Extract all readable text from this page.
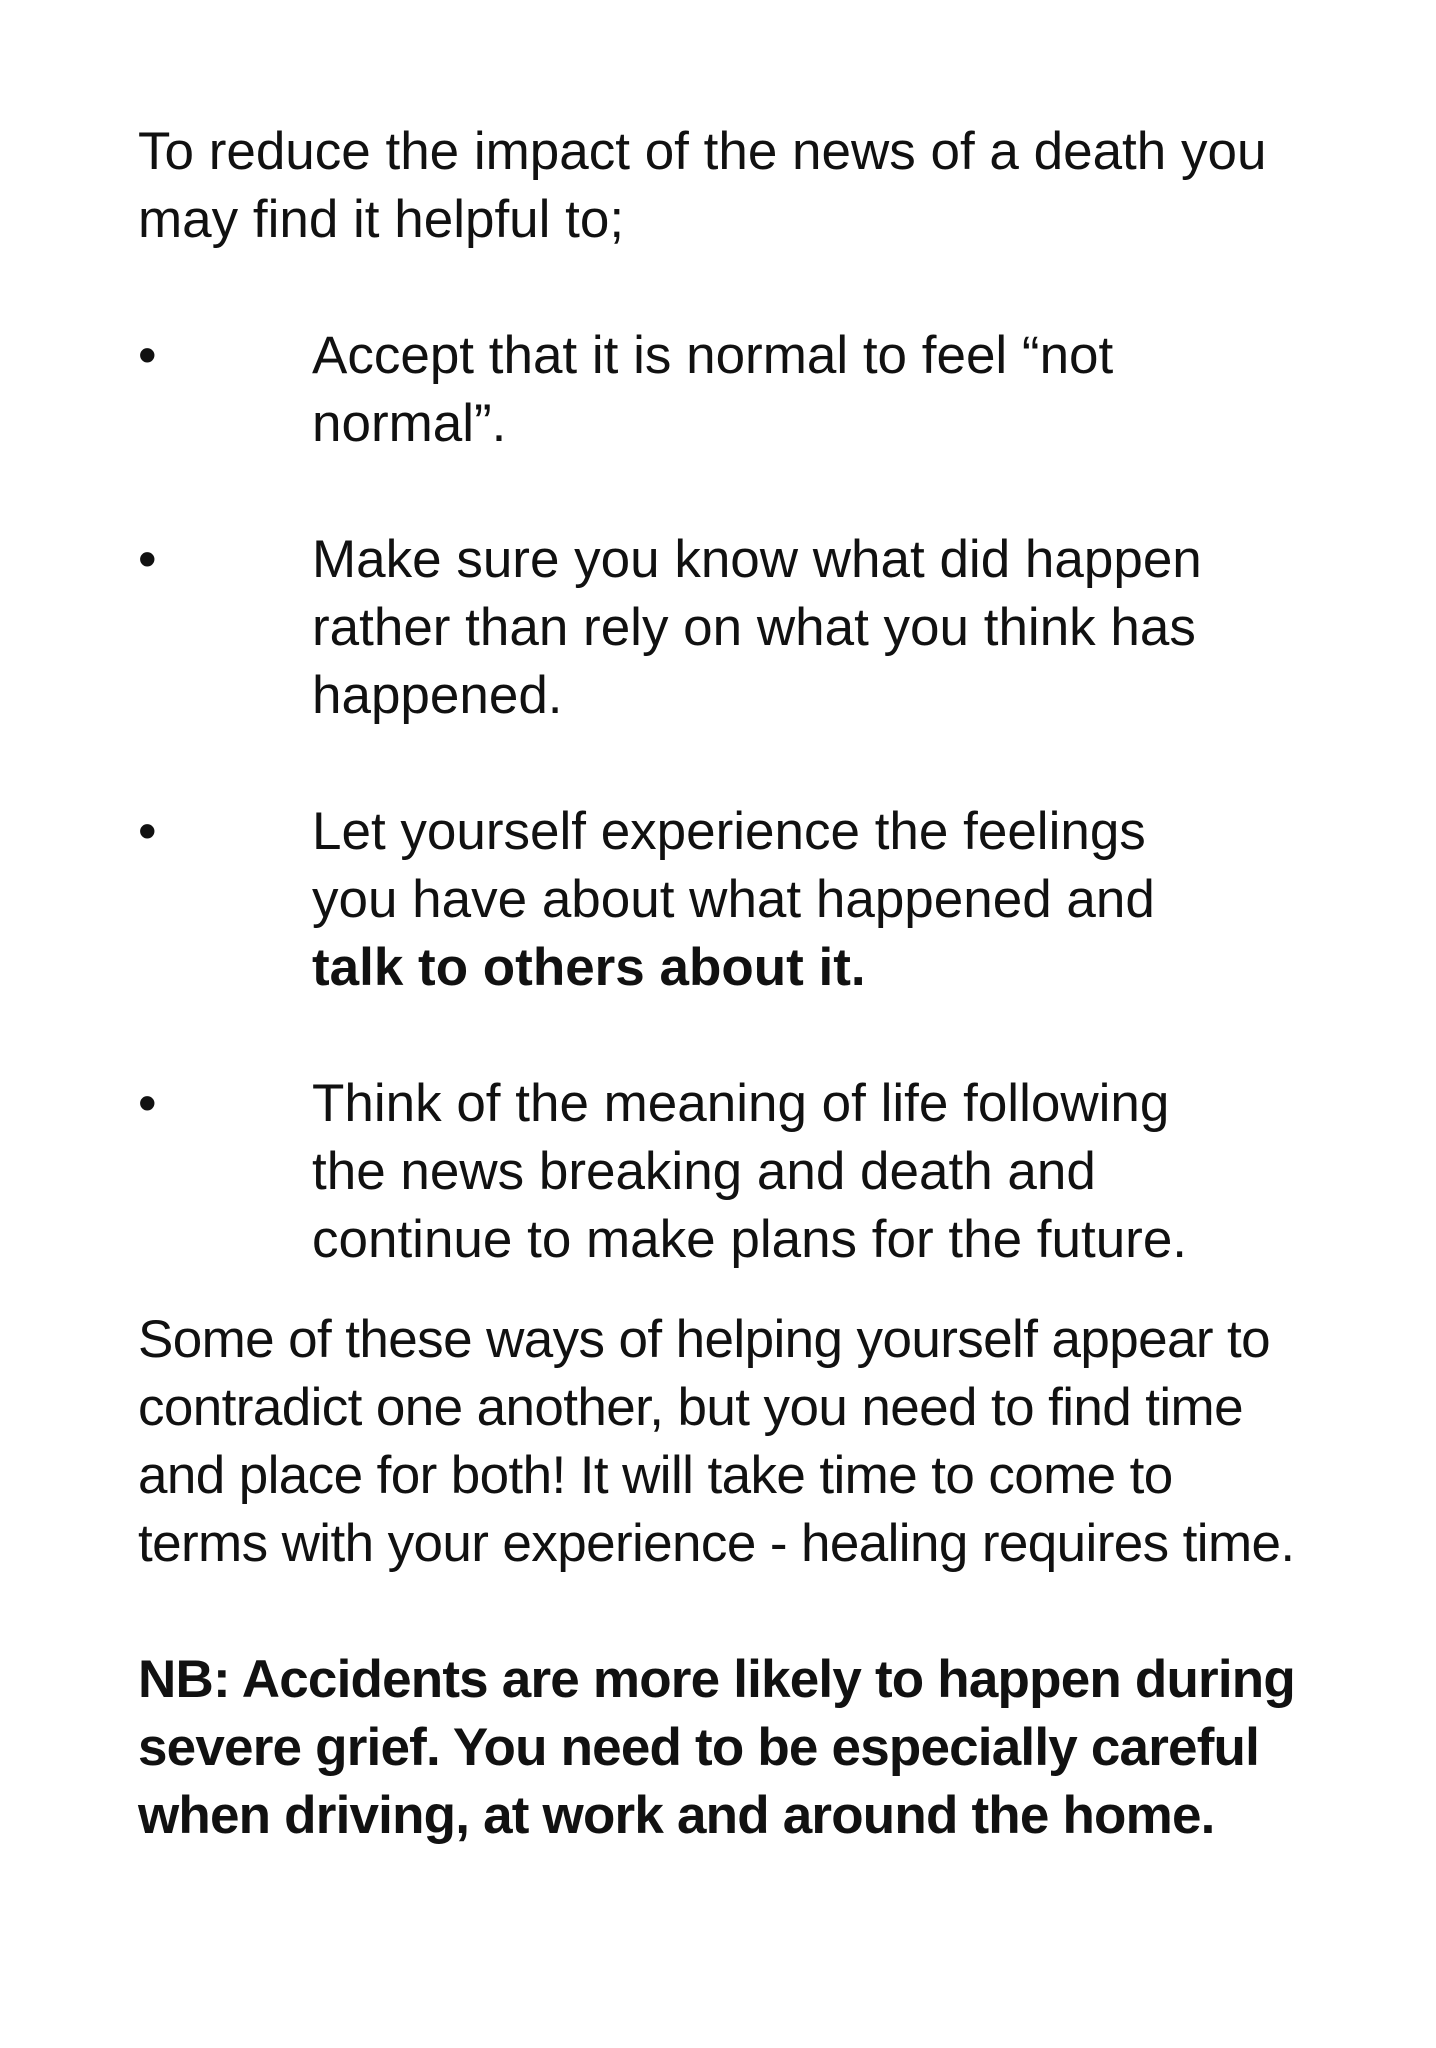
To reduce the impact of the news of a death you
may find it helpful to;

•	Accept that it is normal to feel “not
normal”.
•	Make sure you know what did happen
rather than rely on what you think has
happened.
•	Let yourself experience the feelings
you have about what happened and
talk to others about it.
•	Think of the meaning of life following
the news breaking and death and
continue to make plans for the future.

Some of these ways of helping yourself appear to
contradict one another, but you need to find time
and place for both! It will take time to come to
terms with your experience - healing requires time.

NB: Accidents are more likely to happen during
severe grief. You need to be especially careful
when driving, at work and around the home.
